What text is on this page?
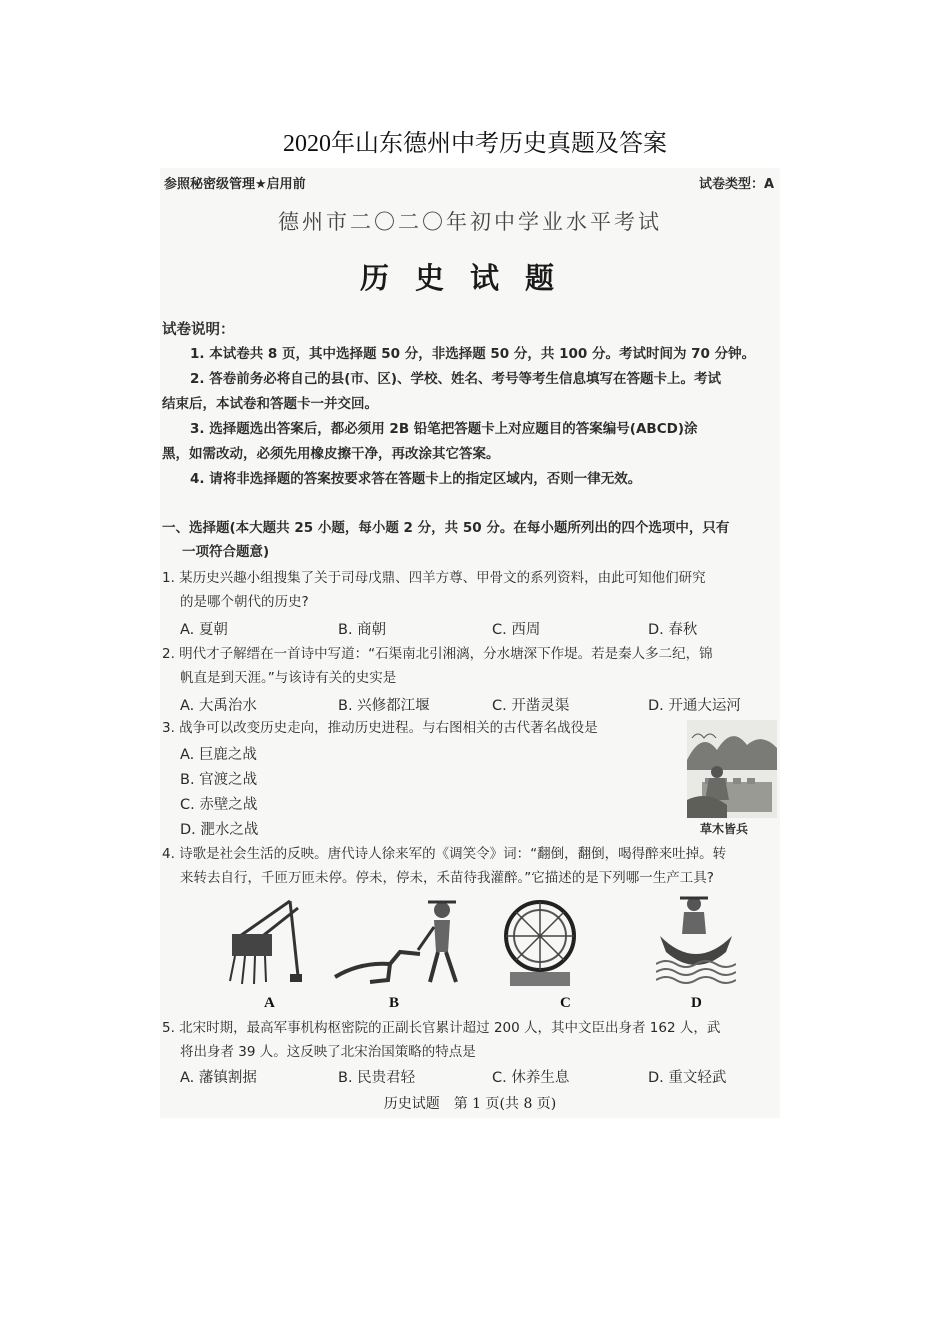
2020年山东德州中考历史真题及答案
参照秘密级管理★启用前	试卷类型：A
德州市二〇二〇年初中学业水平考试
历史试题
试卷说明：
1. 本试卷共 8 页，其中选择题 50 分，非选择题 50 分，共 100 分。考试时间为 70 分钟。
2. 答卷前务必将自己的县(市、区)、学校、姓名、考号等考生信息填写在答题卡上。考试
结束后，本试卷和答题卡一并交回。
3. 选择题选出答案后，都必须用 2B 铅笔把答题卡上对应题目的答案编号(ABCD)涂
黑，如需改动，必须先用橡皮擦干净，再改涂其它答案。
4. 请将非选择题的答案按要求答在答题卡上的指定区域内，否则一律无效。
一、选择题(本大题共 25 小题，每小题 2 分，共 50 分。在每小题所列出的四个选项中，只有
一项符合题意)
1. 某历史兴趣小组搜集了关于司母戊鼎、四羊方尊、甲骨文的系列资料，由此可知他们研究
的是哪个朝代的历史?
A. 夏朝	B. 商朝	C. 西周	D. 春秋
2. 明代才子解缙在一首诗中写道：“石渠南北引湘漓，分水塘深下作堤。若是秦人多二纪，锦
帆直是到天涯。”与该诗有关的史实是
A. 大禹治水	B. 兴修都江堰	C. 开凿灵渠	D. 开通大运河
3. 战争可以改变历史走向，推动历史进程。与右图相关的古代著名战役是
A. 巨鹿之战
B. 官渡之战
C. 赤壁之战
D. 淝水之战	草木皆兵
4. 诗歌是社会生活的反映。唐代诗人徐来军的《调笑令》词：“翻倒，翻倒，喝得醉来吐掉。转
来转去自行，千匝万匝未停。停未，停未，禾苗待我灌醉。”它描述的是下列哪一生产工具?
A	B	C	D
5. 北宋时期，最高军事机构枢密院的正副长官累计超过 200 人，其中文臣出身者 162 人，武
将出身者 39 人。这反映了北宋治国策略的特点是
A. 藩镇割据	B. 民贵君轻	C. 休养生息	D. 重文轻武
历史试题　第 1 页(共 8 页)
